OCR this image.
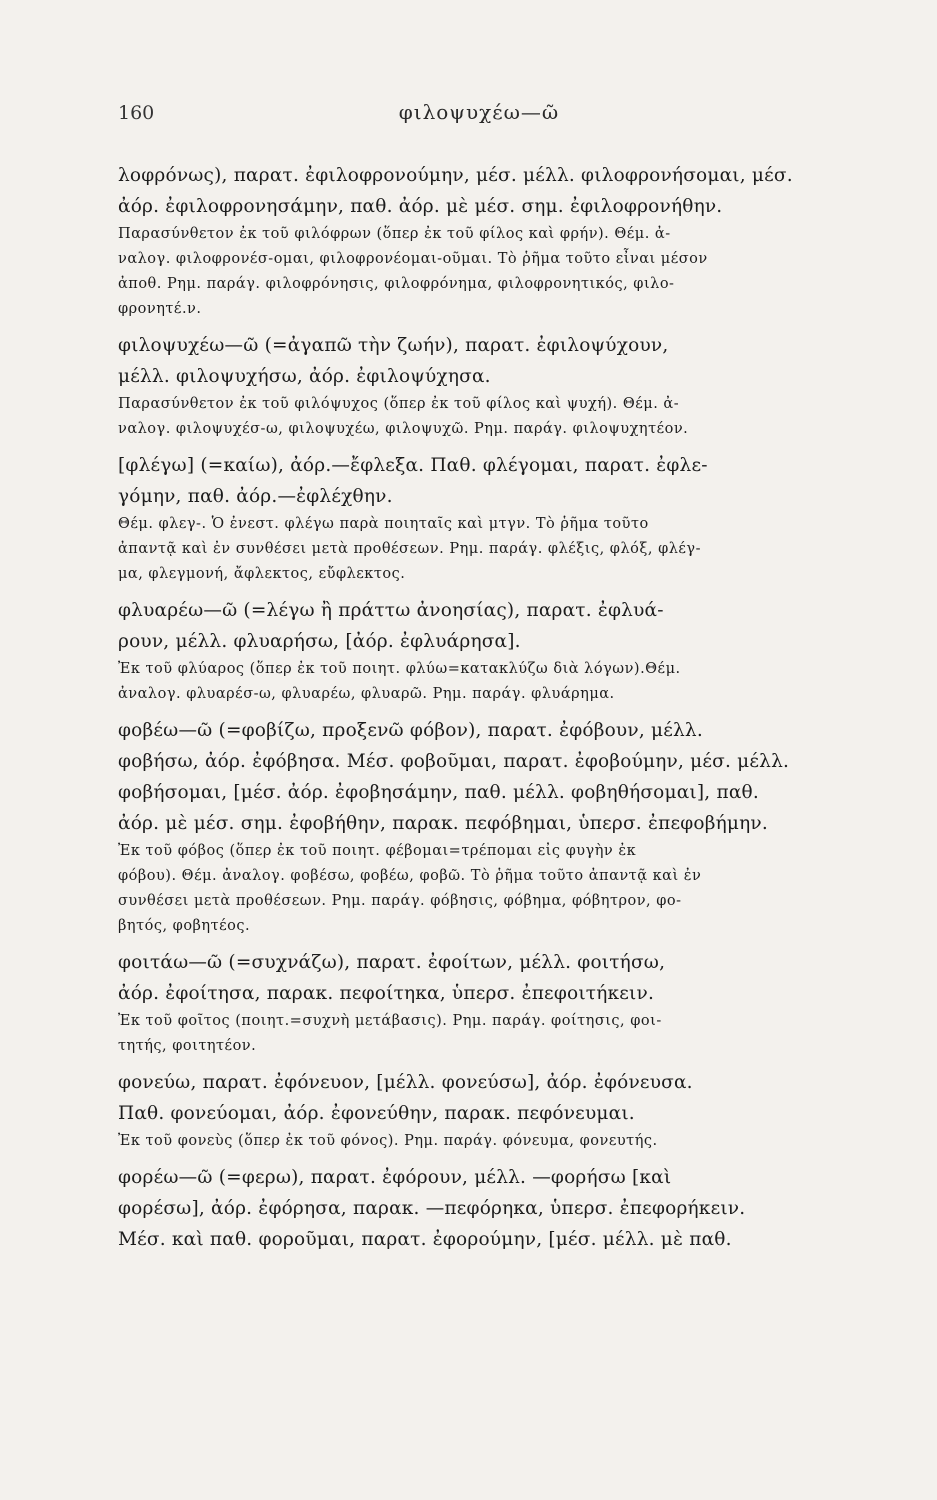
160	φιλοψυχέω—ῶ
λοφρόνως), παρατ. ἐφιλοφρονούμην, μέσ. μέλλ. φιλοφρονήσομαι, μέσ.
ἀόρ. ἐφιλοφρονησάμην, παθ. ἀόρ. μὲ μέσ. σημ. ἐφιλοφρονήθην.
Παρασύνθετον ἐκ τοῦ φιλόφρων (ὅπερ ἐκ τοῦ φίλος καὶ φρήν). Θέμ. ἀ-
ναλογ. φιλοφρονέσ-ομαι, φιλοφρονέομαι-οῦμαι. Τὸ ῥῆμα τοῦτο εἶναι μέσον
ἀποθ. Ρημ. παράγ. φιλοφρόνησις, φιλοφρόνημα, φιλοφρονητικός, φιλο-
φρονητέ.ν.
φιλοψυχέω—ῶ (=ἀγαπῶ τὴν ζωήν), παρατ. ἐφιλοψύχουν,
μέλλ. φιλοψυχήσω, ἀόρ. ἐφιλοψύχησα.
Παρασύνθετον ἐκ τοῦ φιλόψυχος (ὅπερ ἐκ τοῦ φίλος καὶ ψυχή). Θέμ. ἀ-
ναλογ. φιλοψυχέσ-ω, φιλοψυχέω, φιλοψυχῶ. Ρημ. παράγ. φιλοψυχητέον.
[φλέγω] (=καίω), ἀόρ.—ἔφλεξα. Παθ. φλέγομαι, παρατ. ἐφλε-
γόμην, παθ. ἀόρ.—ἐφλέχθην.
Θέμ. φλεγ-. Ὁ ἐνεστ. φλέγω παρὰ ποιηταῖς καὶ μτγν. Τὸ ῥῆμα τοῦτο
ἀπαντᾷ καὶ ἐν συνθέσει μετὰ προθέσεων. Ρημ. παράγ. φλέξις, φλόξ, φλέγ-
μα, φλεγμονή, ἄφλεκτος, εὔφλεκτος.
φλυαρέω—ῶ (=λέγω ἢ πράττω ἀνοησίας), παρατ. ἐφλυά-
ρουν, μέλλ. φλυαρήσω, [ἀόρ. ἐφλυάρησα].
Ἐκ τοῦ φλύαρος (ὅπερ ἐκ τοῦ ποιητ. φλύω=κατακλύζω διὰ λόγων).Θέμ.
ἀναλογ. φλυαρέσ-ω, φλυαρέω, φλυαρῶ. Ρημ. παράγ. φλυάρημα.
φοβέω—ῶ (=φοβίζω, προξενῶ φόβον), παρατ. ἐφόβουν, μέλλ.
φοβήσω, ἀόρ. ἐφόβησα. Μέσ. φοβοῦμαι, παρατ. ἐφοβούμην, μέσ. μέλλ.
φοβήσομαι, [μέσ. ἀόρ. ἐφοβησάμην, παθ. μέλλ. φοβηθήσομαι], παθ.
ἀόρ. μὲ μέσ. σημ. ἐφοβήθην, παρακ. πεφόβημαι, ὑπερσ. ἐπεφοβήμην.
Ἐκ τοῦ φόβος (ὅπερ ἐκ τοῦ ποιητ. φέβομαι=τρέπομαι εἰς φυγὴν ἐκ
φόβου). Θέμ. ἀναλογ. φοβέσω, φοβέω, φοβῶ. Τὸ ῥῆμα τοῦτο ἀπαντᾷ καὶ ἐν
συνθέσει μετὰ προθέσεων. Ρημ. παράγ. φόβησις, φόβημα, φόβητρον, φο-
βητός, φοβητέος.
φοιτάω—ῶ (=συχνάζω), παρατ. ἐφοίτων, μέλλ. φοιτήσω,
ἀόρ. ἐφοίτησα, παρακ. πεφοίτηκα, ὑπερσ. ἐπεφοιτήκειν.
Ἐκ τοῦ φοῖτος (ποιητ.=συχνὴ μετάβασις). Ρημ. παράγ. φοίτησις, φοι-
τητής, φοιτητέον.
φονεύω, παρατ. ἐφόνευον, [μέλλ. φονεύσω], ἀόρ. ἐφόνευσα.
Παθ. φονεύομαι, ἀόρ. ἐφονεύθην, παρακ. πεφόνευμαι.
Ἐκ τοῦ φονεὺς (ὅπερ ἐκ τοῦ φόνος). Ρημ. παράγ. φόνευμα, φονευτής.
φορέω—ῶ (=φερω), παρατ. ἐφόρουν, μέλλ. —φορήσω [καὶ
φορέσω], ἀόρ. ἐφόρησα, παρακ. —πεφόρηκα, ὑπερσ. ἐπεφορήκειν.
Μέσ. καὶ παθ. φοροῦμαι, παρατ. ἐφορούμην, [μέσ. μέλλ. μὲ παθ.
